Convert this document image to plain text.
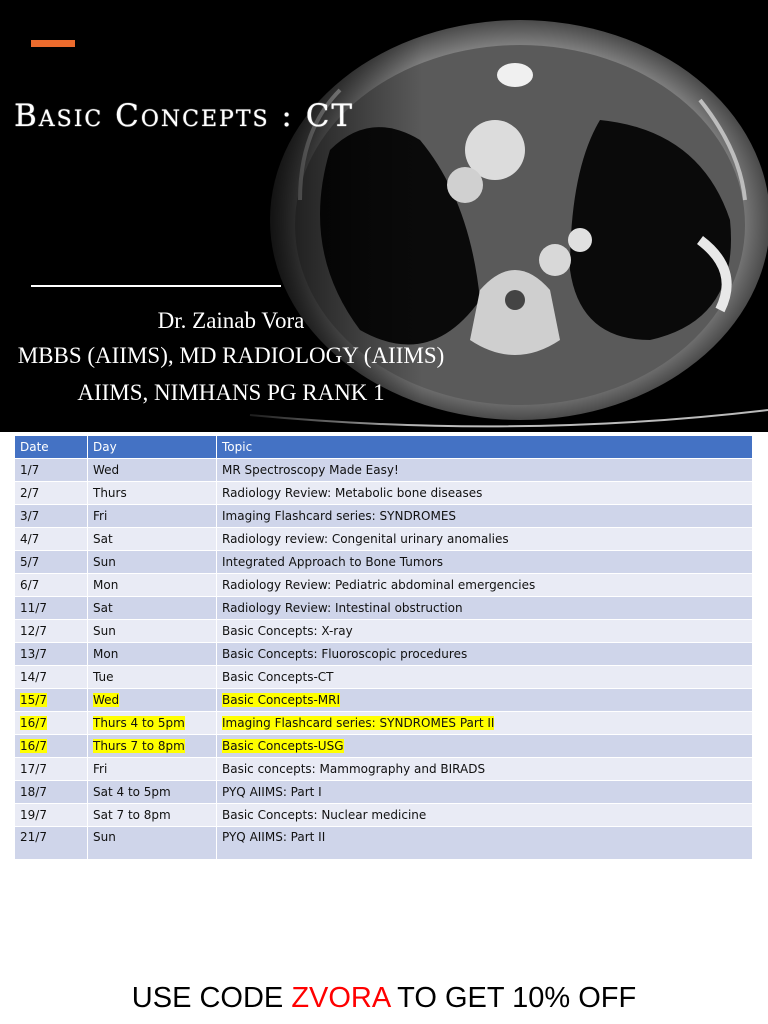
Basic Concepts : CT

Dr. Zainab Vora

MBBS (AIIMS), MD RADIOLOGY (AIIMS)

AIIMS, NIMHANS PG RANK 1

Date	Day	Topic
1/7	Wed	MR Spectroscopy Made Easy!
2/7	Thurs	Radiology Review: Metabolic bone diseases
3/7	Fri	Imaging Flashcard series: SYNDROMES
4/7	Sat	Radiology review: Congenital urinary anomalies
5/7	Sun	Integrated Approach to Bone Tumors
6/7	Mon	Radiology Review: Pediatric abdominal emergencies
11/7	Sat	Radiology Review: Intestinal obstruction
12/7	Sun	Basic Concepts: X-ray
13/7	Mon	Basic Concepts: Fluoroscopic procedures
14/7	Tue	Basic Concepts-CT
15/7	Wed	Basic Concepts-MRI
16/7	Thurs 4 to 5pm	Imaging Flashcard series: SYNDROMES Part II
16/7	Thurs 7 to 8pm	Basic Concepts-USG
17/7	Fri	Basic concepts: Mammography and BIRADS
18/7	Sat 4 to 5pm	PYQ AIIMS: Part I
19/7	Sat 7 to 8pm	Basic Concepts: Nuclear medicine
21/7	Sun	PYQ AIIMS: Part II

USE CODE ZVORA TO GET 10% OFF
